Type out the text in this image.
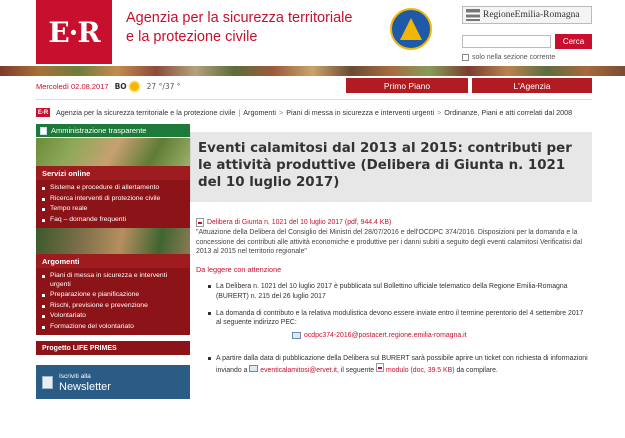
E·R	Agenzia per la sicurezza territoriale
e la protezione civile
RegioneEmilia-Romagna
Cerca
solo nella sezione corrente
Mercoledì 02.08.2017 BO	27 °/37 °	Primo Piano	L'Agenzia
E-R Agenzia per la sicurezza territoriale e la protezione civile | Argomenti > Piani di messa in sicurezza e interventi urgenti > Ordinanze, Piani e atti correlati dal 2008
Amministrazione trasparente
Servizi online
Sistema e procedure di allertamento
Ricerca interventi di protezione civile
Tempo reale
Faq – domande frequenti
Argomenti
Piani di messa in sicurezza e interventi urgenti
Preparazione e pianificazione
Rischi, previsione e prevenzione
Volontariato
Formazione del volontariato
Progetto LIFE PRIMES
Iscriviti alla
Newsletter
Eventi calamitosi dal 2013 al 2015: contributi per le attività produttive (Delibera di Giunta n. 1021 del 10 luglio 2017)
Delibera di Giunta n. 1021 del 10 luglio 2017 (pdf, 944.4 KB)
"Attuazione della Delibera del Consiglio dei Ministri del 28/07/2016 e dell'OCDPC 374/2016. Disposizioni per la domanda e la concessione dei contributi alle attività economiche e produttive per i danni subiti a seguito degli eventi calamitosi Verificatisi dal 2013 al 2015 nel territorio regionale"
Da leggere con attenzione
La Delibera n. 1021 del 10 luglio 2017 è pubblicata sul Bollettino ufficiale telematico della Regione Emilia-Romagna (BURERT) n. 215 del 26 luglio 2017
La domanda di contributo e la relativa modulistica devono essere inviate entro il termine perentorio del 4 settembre 2017 al seguente indirizzo PEC:
ocdpc374-2016@postacert.regione.emilia-romagna.it
A partire dalla data di pubblicazione della Delibera sul BURERT sarà possibile aprire un ticket con richiesta di informazioni inviando a eventicalamitosi@ervet.it, il seguente modulo (doc, 39.5 KB) da compilare.
